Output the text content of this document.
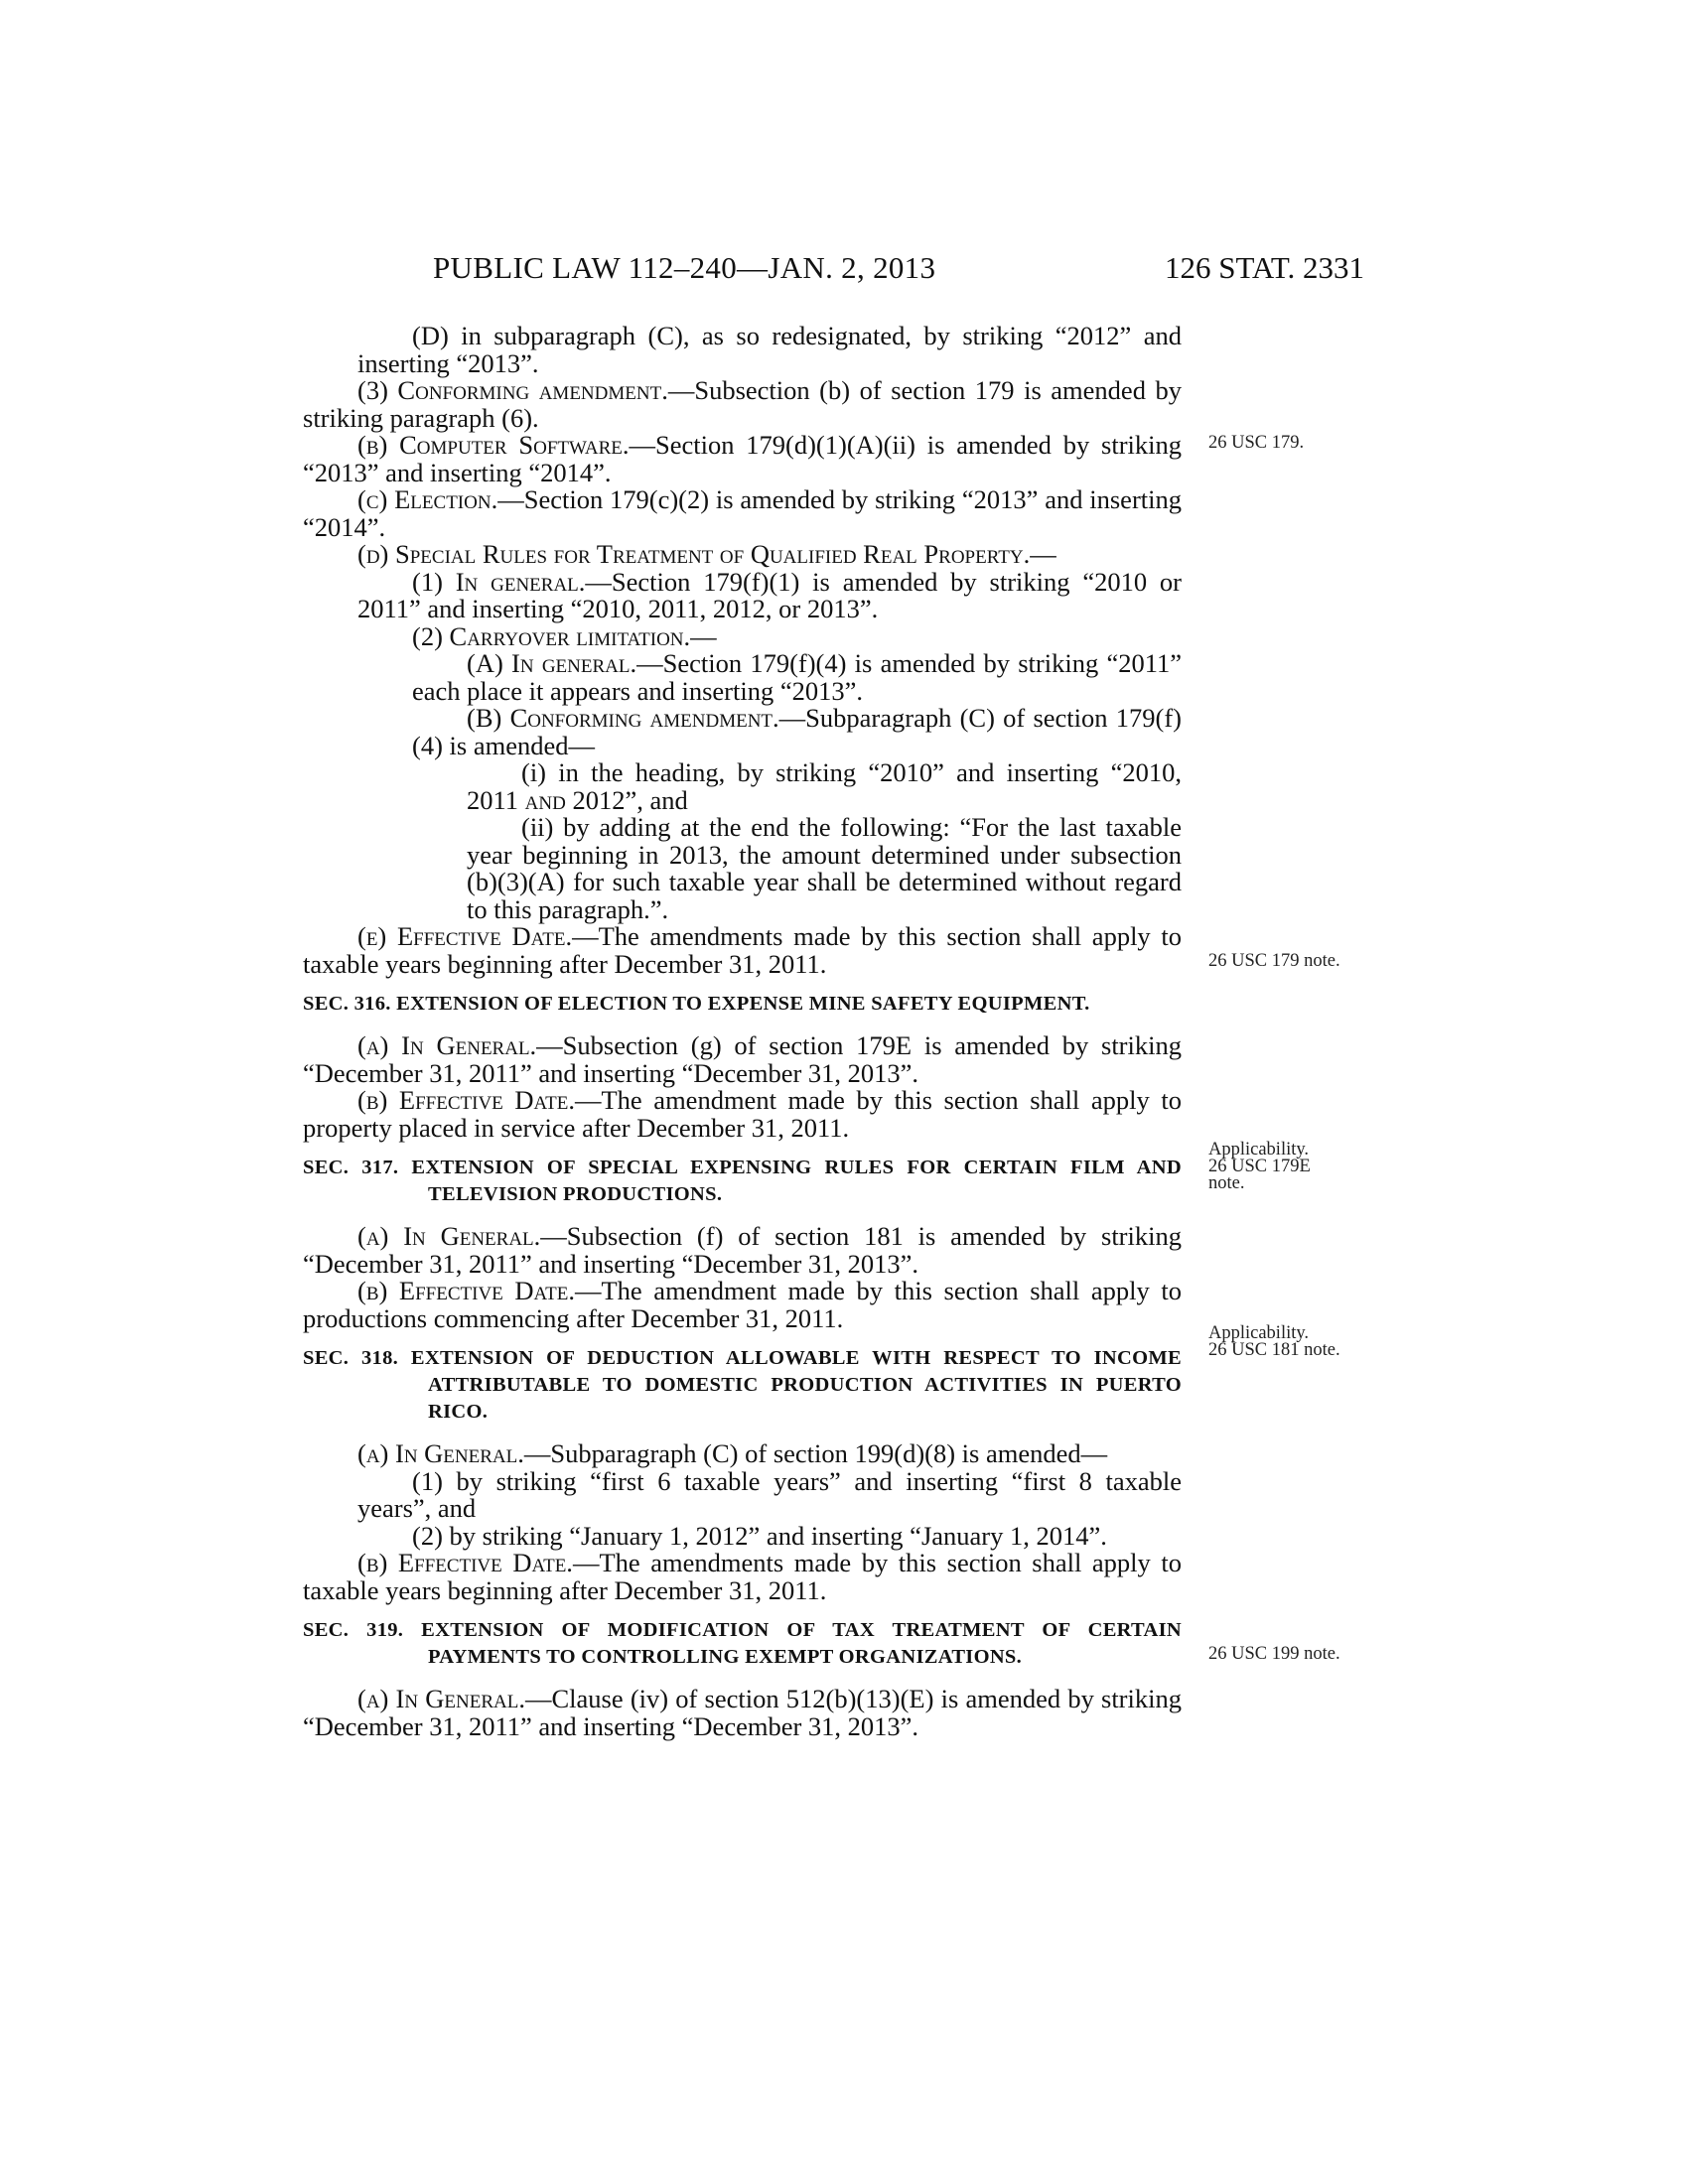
PUBLIC LAW 112–240—JAN. 2, 2013	126 STAT. 2331

(D) in subparagraph (C), as so redesignated, by striking “2012” and inserting “2013”.

(3) Conforming amendment.—Subsection (b) of section 179 is amended by striking paragraph (6).

(b) Computer Software.—Section 179(d)(1)(A)(ii) is amended by striking “2013” and inserting “2014”.

(c) Election.—Section 179(c)(2) is amended by striking “2013” and inserting “2014”.

(d) Special Rules for Treatment of Qualified Real Property.—

(1) In general.—Section 179(f)(1) is amended by striking “2010 or 2011” and inserting “2010, 2011, 2012, or 2013”.

(2) Carryover limitation.—

(A) In general.—Section 179(f)(4) is amended by striking “2011” each place it appears and inserting “2013”.

(B) Conforming amendment.—Subparagraph (C) of section 179(f)(4) is amended—

(i) in the heading, by striking “2010” and inserting “2010, 2011 and 2012”, and

(ii) by adding at the end the following: “For the last taxable year beginning in 2013, the amount determined under subsection (b)(3)(A) for such taxable year shall be determined without regard to this paragraph.”.

(e) Effective Date.—The amendments made by this section shall apply to taxable years beginning after December 31, 2011.

SEC. 316. EXTENSION OF ELECTION TO EXPENSE MINE SAFETY EQUIPMENT.

(a) In General.—Subsection (g) of section 179E is amended by striking “December 31, 2011” and inserting “December 31, 2013”.

(b) Effective Date.—The amendment made by this section shall apply to property placed in service after December 31, 2011.

SEC. 317. EXTENSION OF SPECIAL EXPENSING RULES FOR CERTAIN FILM AND TELEVISION PRODUCTIONS.

(a) In General.—Subsection (f) of section 181 is amended by striking “December 31, 2011” and inserting “December 31, 2013”.

(b) Effective Date.—The amendment made by this section shall apply to productions commencing after December 31, 2011.

SEC. 318. EXTENSION OF DEDUCTION ALLOWABLE WITH RESPECT TO INCOME ATTRIBUTABLE TO DOMESTIC PRODUCTION ACTIVITIES IN PUERTO RICO.

(a) In General.—Subparagraph (C) of section 199(d)(8) is amended—

(1) by striking “first 6 taxable years” and inserting “first 8 taxable years”, and

(2) by striking “January 1, 2012” and inserting “January 1, 2014”.

(b) Effective Date.—The amendments made by this section shall apply to taxable years beginning after December 31, 2011.

SEC. 319. EXTENSION OF MODIFICATION OF TAX TREATMENT OF CERTAIN PAYMENTS TO CONTROLLING EXEMPT ORGANIZATIONS.

(a) In General.—Clause (iv) of section 512(b)(13)(E) is amended by striking “December 31, 2011” and inserting “December 31, 2013”.

26 USC 179.
26 USC 179 note.
Applicability.
26 USC 179E
note.
Applicability.
26 USC 181 note.
26 USC 199 note.
